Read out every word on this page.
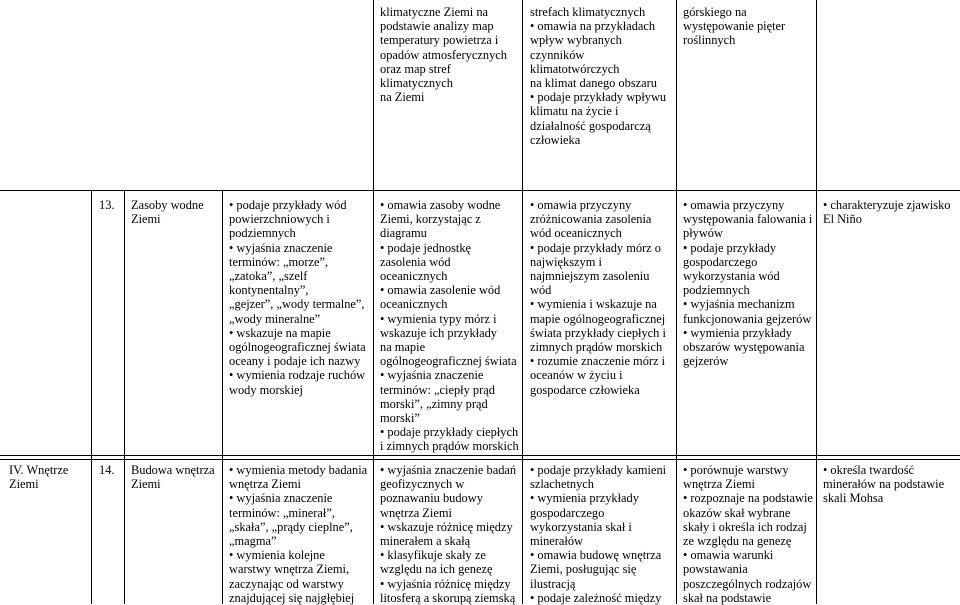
klimatyczne Ziemi na
podstawie analizy map
temperatury powietrza i
opadów atmosferycznych
oraz map stref
klimatycznych
na Ziemi
strefach klimatycznych
• omawia na przykładach
wpływ wybranych
czynników
klimatotwórczych
na klimat danego obszaru
• podaje przykłady wpływu
klimatu na życie i
działalność gospodarczą
człowieka
górskiego na
występowanie pięter
roślinnych
13.	Zasoby wodne
Ziemi
• podaje przykłady wód
powierzchniowych i
podziemnych
• wyjaśnia znaczenie
terminów: „morze”,
„zatoka”, „szelf
kontynentalny”,
„gejzer”, „wody termalne”,
„wody mineralne”
• wskazuje na mapie
ogólnogeograficznej świata
oceany i podaje ich nazwy
• wymienia rodzaje ruchów
wody morskiej
• omawia zasoby wodne
Ziemi, korzystając z
diagramu
• podaje jednostkę
zasolenia wód
oceanicznych
• omawia zasolenie wód
oceanicznych
• wymienia typy mórz i
wskazuje ich przykłady
na mapie
ogólnogeograficznej świata
• wyjaśnia znaczenie
terminów: „ciepły prąd
morski”, „zimny prąd
morski”
• podaje przykłady ciepłych
i zimnych prądów morskich
• omawia przyczyny
zróżnicowania zasolenia
wód oceanicznych
• podaje przykłady mórz o
największym i
najmniejszym zasoleniu
wód
• wymienia i wskazuje na
mapie ogólnogeograficznej
świata przykłady ciepłych i
zimnych prądów morskich
• rozumie znaczenie mórz i
oceanów w życiu i
gospodarce człowieka
• omawia przyczyny
występowania falowania i
pływów
• podaje przykłady
gospodarczego
wykorzystania wód
podziemnych
• wyjaśnia mechanizm
funkcjonowania gejzerów
• wymienia przykłady
obszarów występowania
gejzerów
• charakteryzuje zjawisko
El Niño
IV. Wnętrze
Ziemi
14.	Budowa wnętrza
Ziemi
• wymienia metody badania
wnętrza Ziemi
• wyjaśnia znaczenie
terminów: „minerał”,
„skała”, „prądy cieplne”,
„magma”
• wymienia kolejne
warstwy wnętrza Ziemi,
zaczynając od warstwy
znajdującej się najgłębiej
• wyjaśnia znaczenie badań
geofizycznych w
poznawaniu budowy
wnętrza Ziemi
• wskazuje różnicę między
minerałem a skałą
• klasyfikuje skały ze
względu na ich genezę
• wyjaśnia różnicę między
litosferą a skorupą ziemską
• podaje przykłady kamieni
szlachetnych
• wymienia przykłady
gospodarczego
wykorzystania skał i
minerałów
• omawia budowę wnętrza
Ziemi, posługując się
ilustracją
• podaje zależność między
• porównuje warstwy
wnętrza Ziemi
• rozpoznaje na podstawie
okazów skał wybrane
skały i określa ich rodzaj
ze względu na genezę
• omawia warunki
powstawania
poszczególnych rodzajów
skał na podstawie
• określa twardość
minerałów na podstawie
skali Mohsa
